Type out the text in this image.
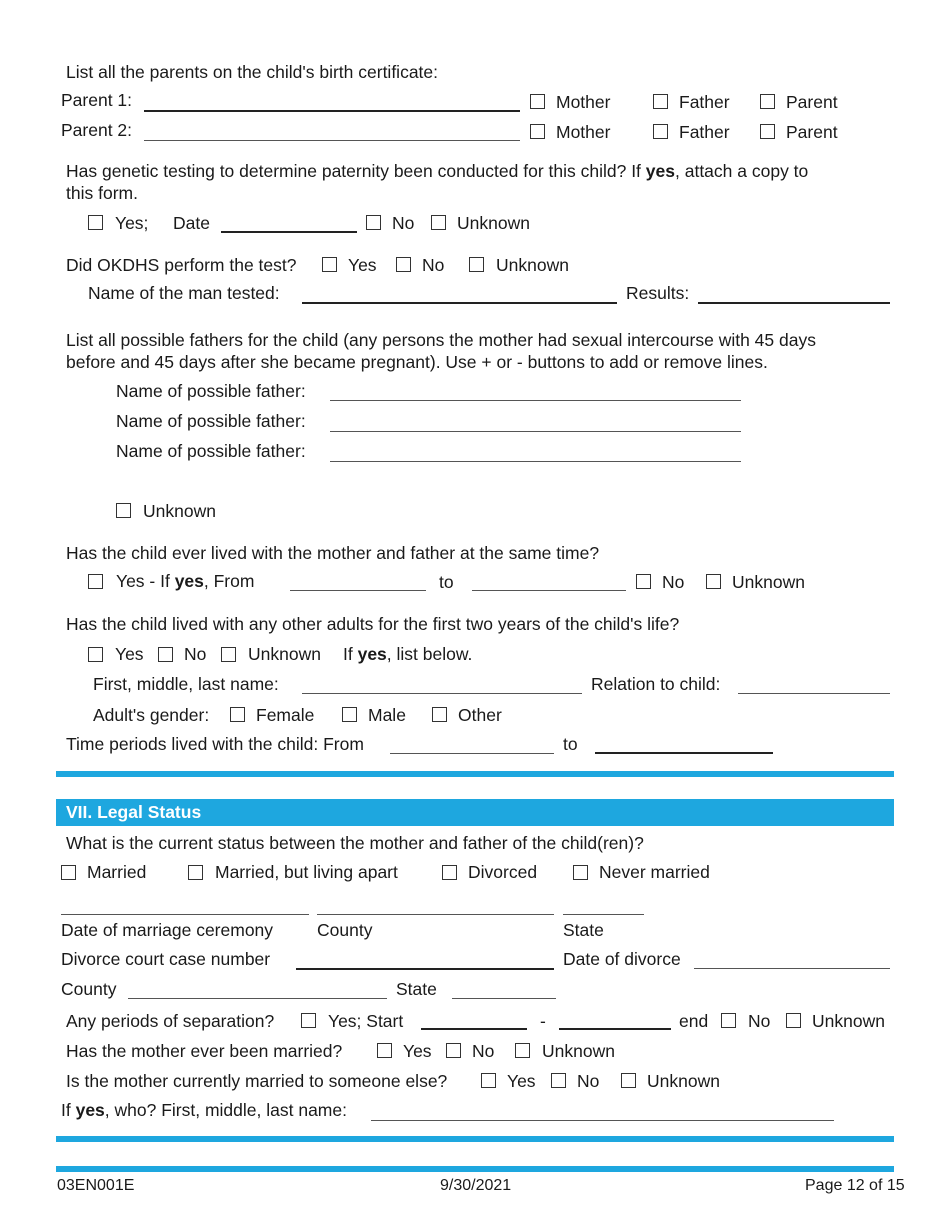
List all the parents on the child's birth certificate:
Parent 1:	Mother	Father	Parent
Parent 2:	Mother	Father	Parent
Has genetic testing to determine paternity been conducted for this child? If yes, attach a copy to
this form.
Yes; Date	No Unknown
Did OKDHS perform the test?	Yes	No	Unknown
Name of the man tested:	Results:
List all possible fathers for the child (any persons the mother had sexual intercourse with 45 days
before and 45 days after she became pregnant). Use + or - buttons to add or remove lines.
Name of possible father:
Name of possible father:
Name of possible father:
Unknown
Has the child ever lived with the mother and father at the same time?
Yes - If yes, From	to	No	Unknown
Has the child lived with any other adults for the first two years of the child's life?
Yes No Unknown If yes, list below.
First, middle, last name:	Relation to child:
Adult's gender:	Female	Male	Other
Time periods lived with the child: From	to
VII. Legal Status
What is the current status between the mother and father of the child(ren)?
Married	Married, but living apart	Divorced	Never married
Date of marriage ceremony	County	State
Divorce court case number	Date of divorce
County	State
Any periods of separation?	Yes; Start	-	end No Unknown
Has the mother ever been married?	Yes No	Unknown
Is the mother currently married to someone else?	Yes No	Unknown
If yes, who? First, middle, last name:
03EN001E	9/30/2021	Page 12 of 15
